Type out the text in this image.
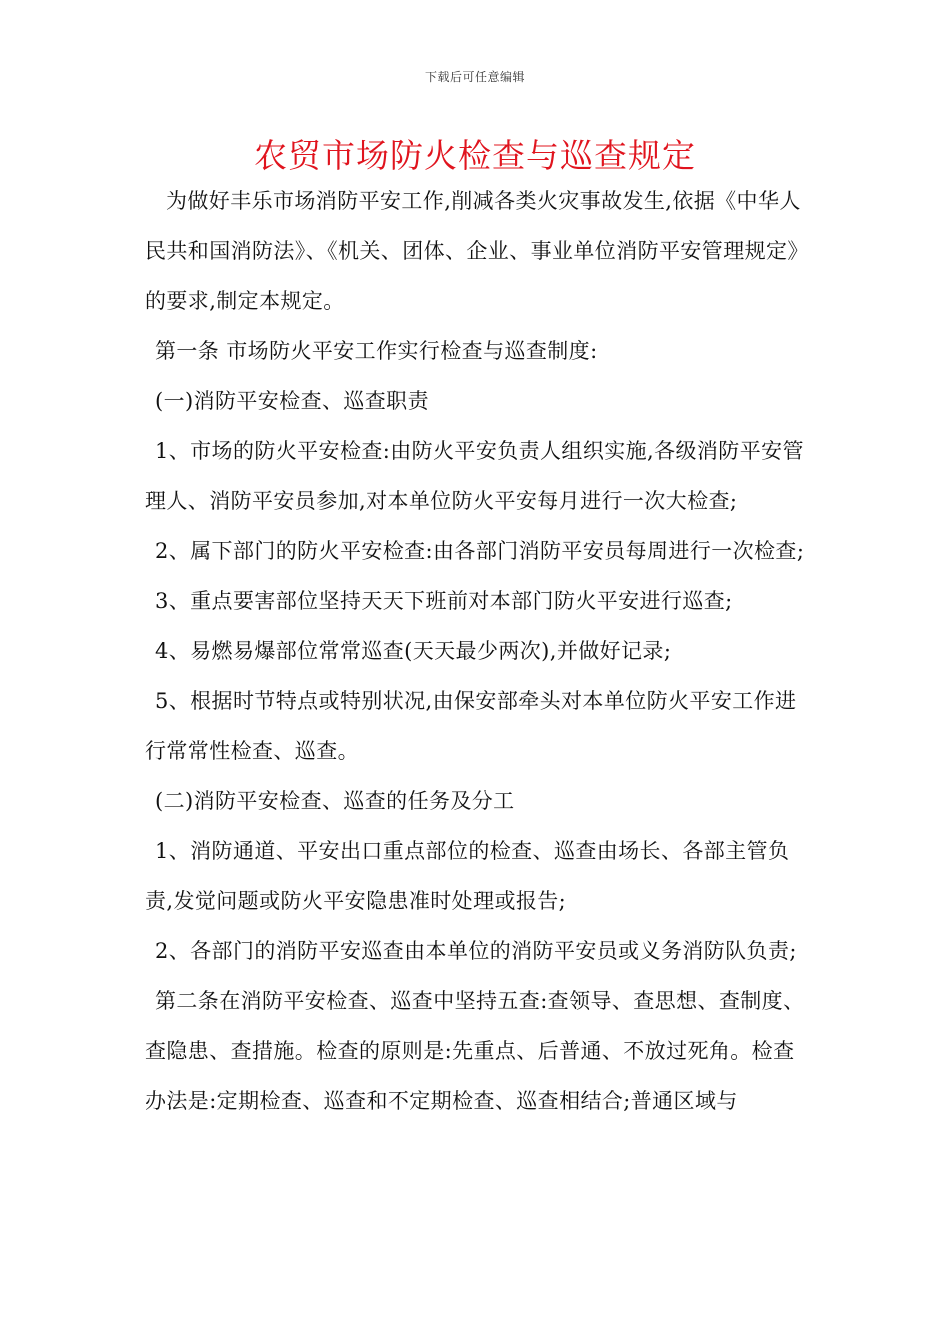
下载后可任意编辑
农贸市场防火检查与巡查规定

为做好丰乐市场消防平安工作,削减各类火灾事故发生,依据《中华人民共和国消防法》、《机关、团体、企业、事业单位消防平安管理规定》的要求,制定本规定。

第一条 市场防火平安工作实行检查与巡查制度:

(一)消防平安检查、巡查职责

1、市场的防火平安检查:由防火平安负责人组织实施,各级消防平安管理人、消防平安员参加,对本单位防火平安每月进行一次大检查;

2、属下部门的防火平安检查:由各部门消防平安员每周进行一次检查;

3、重点要害部位坚持天天下班前对本部门防火平安进行巡查;

4、易燃易爆部位常常巡查(天天最少两次),并做好记录;

5、根据时节特点或特别状况,由保安部牵头对本单位防火平安工作进行常常性检查、巡查。

(二)消防平安检查、巡查的任务及分工

1、消防通道、平安出口重点部位的检查、巡查由场长、各部主管负责,发觉问题或防火平安隐患准时处理或报告;

2、各部门的消防平安巡查由本单位的消防平安员或义务消防队负责;

第二条在消防平安检查、巡查中坚持五查:查领导、查思想、查制度、查隐患、查措施。检查的原则是:先重点、后普通、不放过死角。检查办法是:定期检查、巡查和不定期检查、巡查相结合;普通区域与
